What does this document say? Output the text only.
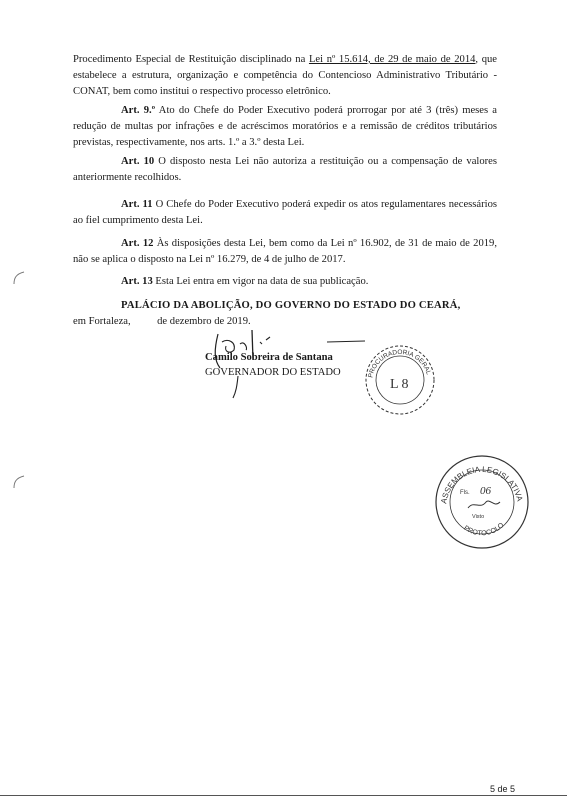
Procedimento Especial de Restituição disciplinado na Lei nº 15.614, de 29 de maio de 2014, que estabelece a estrutura, organização e competência do Contencioso Administrativo Tributário - CONAT, bem como institui o respectivo processo eletrônico.
Art. 9.º Ato do Chefe do Poder Executivo poderá prorrogar por até 3 (três) meses a redução de multas por infrações e de acréscimos moratórios e a remissão de créditos tributários previstas, respectivamente, nos arts. 1.º a 3.º desta Lei.
Art. 10 O disposto nesta Lei não autoriza a restituição ou a compensação de valores anteriormente recolhidos.
Art. 11 O Chefe do Poder Executivo poderá expedir os atos regulamentares necessários ao fiel cumprimento desta Lei.
Art. 12 Às disposições desta Lei, bem como da Lei nº 16.902, de 31 de maio de 2019, não se aplica o disposto na Lei nº 16.279, de 4 de julho de 2017.
Art. 13 Esta Lei entra em vigor na data de sua publicação.
PALÁCIO DA ABOLIÇÃO, DO GOVERNO DO ESTADO DO CEARÁ,
em Fortaleza,          de dezembro de 2019.
Camilo Sobreira de Santana
GOVERNADOR DO ESTADO	PROCURADORIA GERAL
L 8
ASSEMBLEIA LEGISLATIVA
PROTOCOLO
Fls. 06
Visto
5 de 5
